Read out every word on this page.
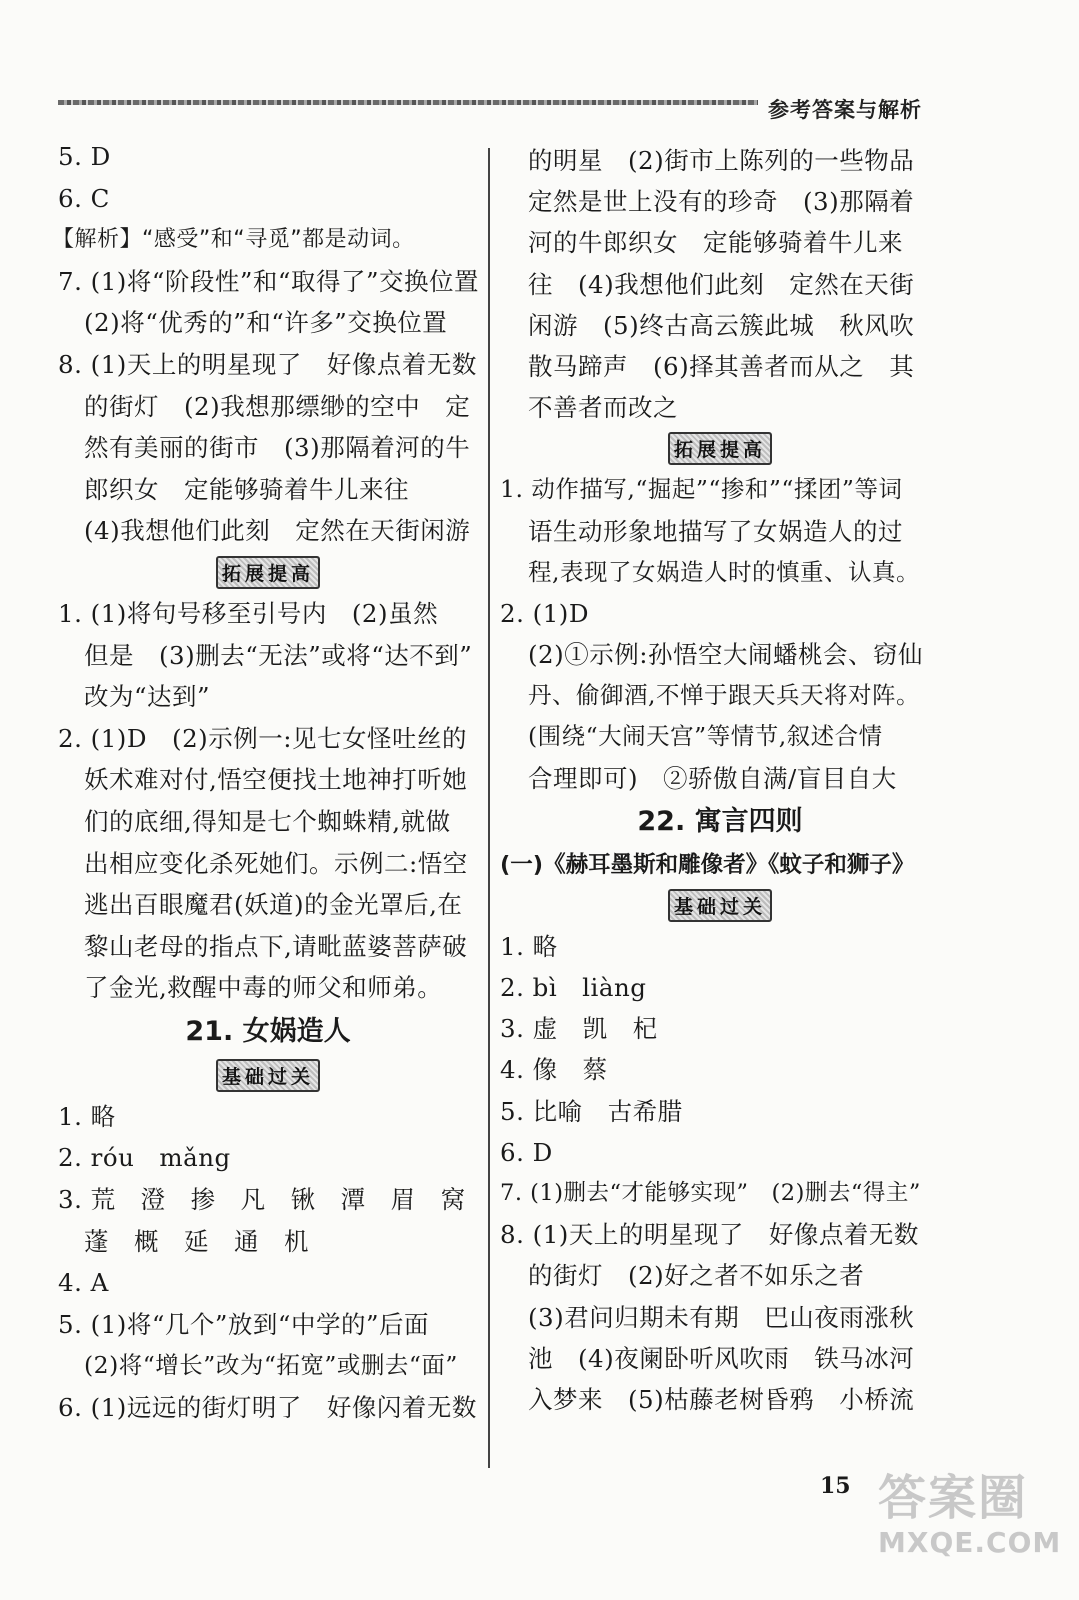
参考答案与解析
5. D
6. C
【解析】“感受”和“寻觅”都是动词。
7. (1)将“阶段性”和“取得了”交换位置
(2)将“优秀的”和“许多”交换位置
8. (1)天上的明星现了　好像点着无数
的街灯　(2)我想那缥缈的空中　定
然有美丽的街市　(3)那隔着河的牛
郎织女　定能够骑着牛儿来往
(4)我想他们此刻　定然在天街闲游
拓展提高
1. (1)将句号移至引号内　(2)虽然
但是　(3)删去“无法”或将“达不到”
改为“达到”
2. (1)D　(2)示例一:见七女怪吐丝的
妖术难对付,悟空便找土地神打听她
们的底细,得知是七个蜘蛛精,就做
出相应变化杀死她们。示例二:悟空
逃出百眼魔君(妖道)的金光罩后,在
黎山老母的指点下,请毗蓝婆菩萨破
了金光,救醒中毒的师父和师弟。
21. 女娲造人
基础过关
1. 略
2. róu　mǎng
3. 荒　澄　掺　凡　锹　潭　眉　窝
蓬　概　延　通　机
4. A
5. (1)将“几个”放到“中学的”后面
(2)将“增长”改为“拓宽”或删去“面”
6. (1)远远的街灯明了　好像闪着无数
的明星　(2)街市上陈列的一些物品
定然是世上没有的珍奇　(3)那隔着
河的牛郎织女　定能够骑着牛儿来
往　(4)我想他们此刻　定然在天街
闲游　(5)终古高云簇此城　秋风吹
散马蹄声　(6)择其善者而从之　其
不善者而改之
拓展提高
1. 动作描写,“掘起”“掺和”“揉团”等词
语生动形象地描写了女娲造人的过
程,表现了女娲造人时的慎重、认真。
2. (1)D
(2)①示例:孙悟空大闹蟠桃会、窃仙
丹、偷御酒,不惮于跟天兵天将对阵。
(围绕“大闹天宫”等情节,叙述合情
合理即可)　②骄傲自满/盲目自大
22. 寓言四则
(一)《赫耳墨斯和雕像者》《蚊子和狮子》
基础过关
1. 略
2. bì　liàng
3. 虚　凯　杞
4. 像　蔡
5. 比喻　古希腊
6. D
7. (1)删去“才能够实现”　(2)删去“得主”
8. (1)天上的明星现了　好像点着无数
的街灯　(2)好之者不如乐之者
(3)君问归期未有期　巴山夜雨涨秋
池　(4)夜阑卧听风吹雨　铁马冰河
入梦来　(5)枯藤老树昏鸦　小桥流
15 答案圈
MXQE.COM
